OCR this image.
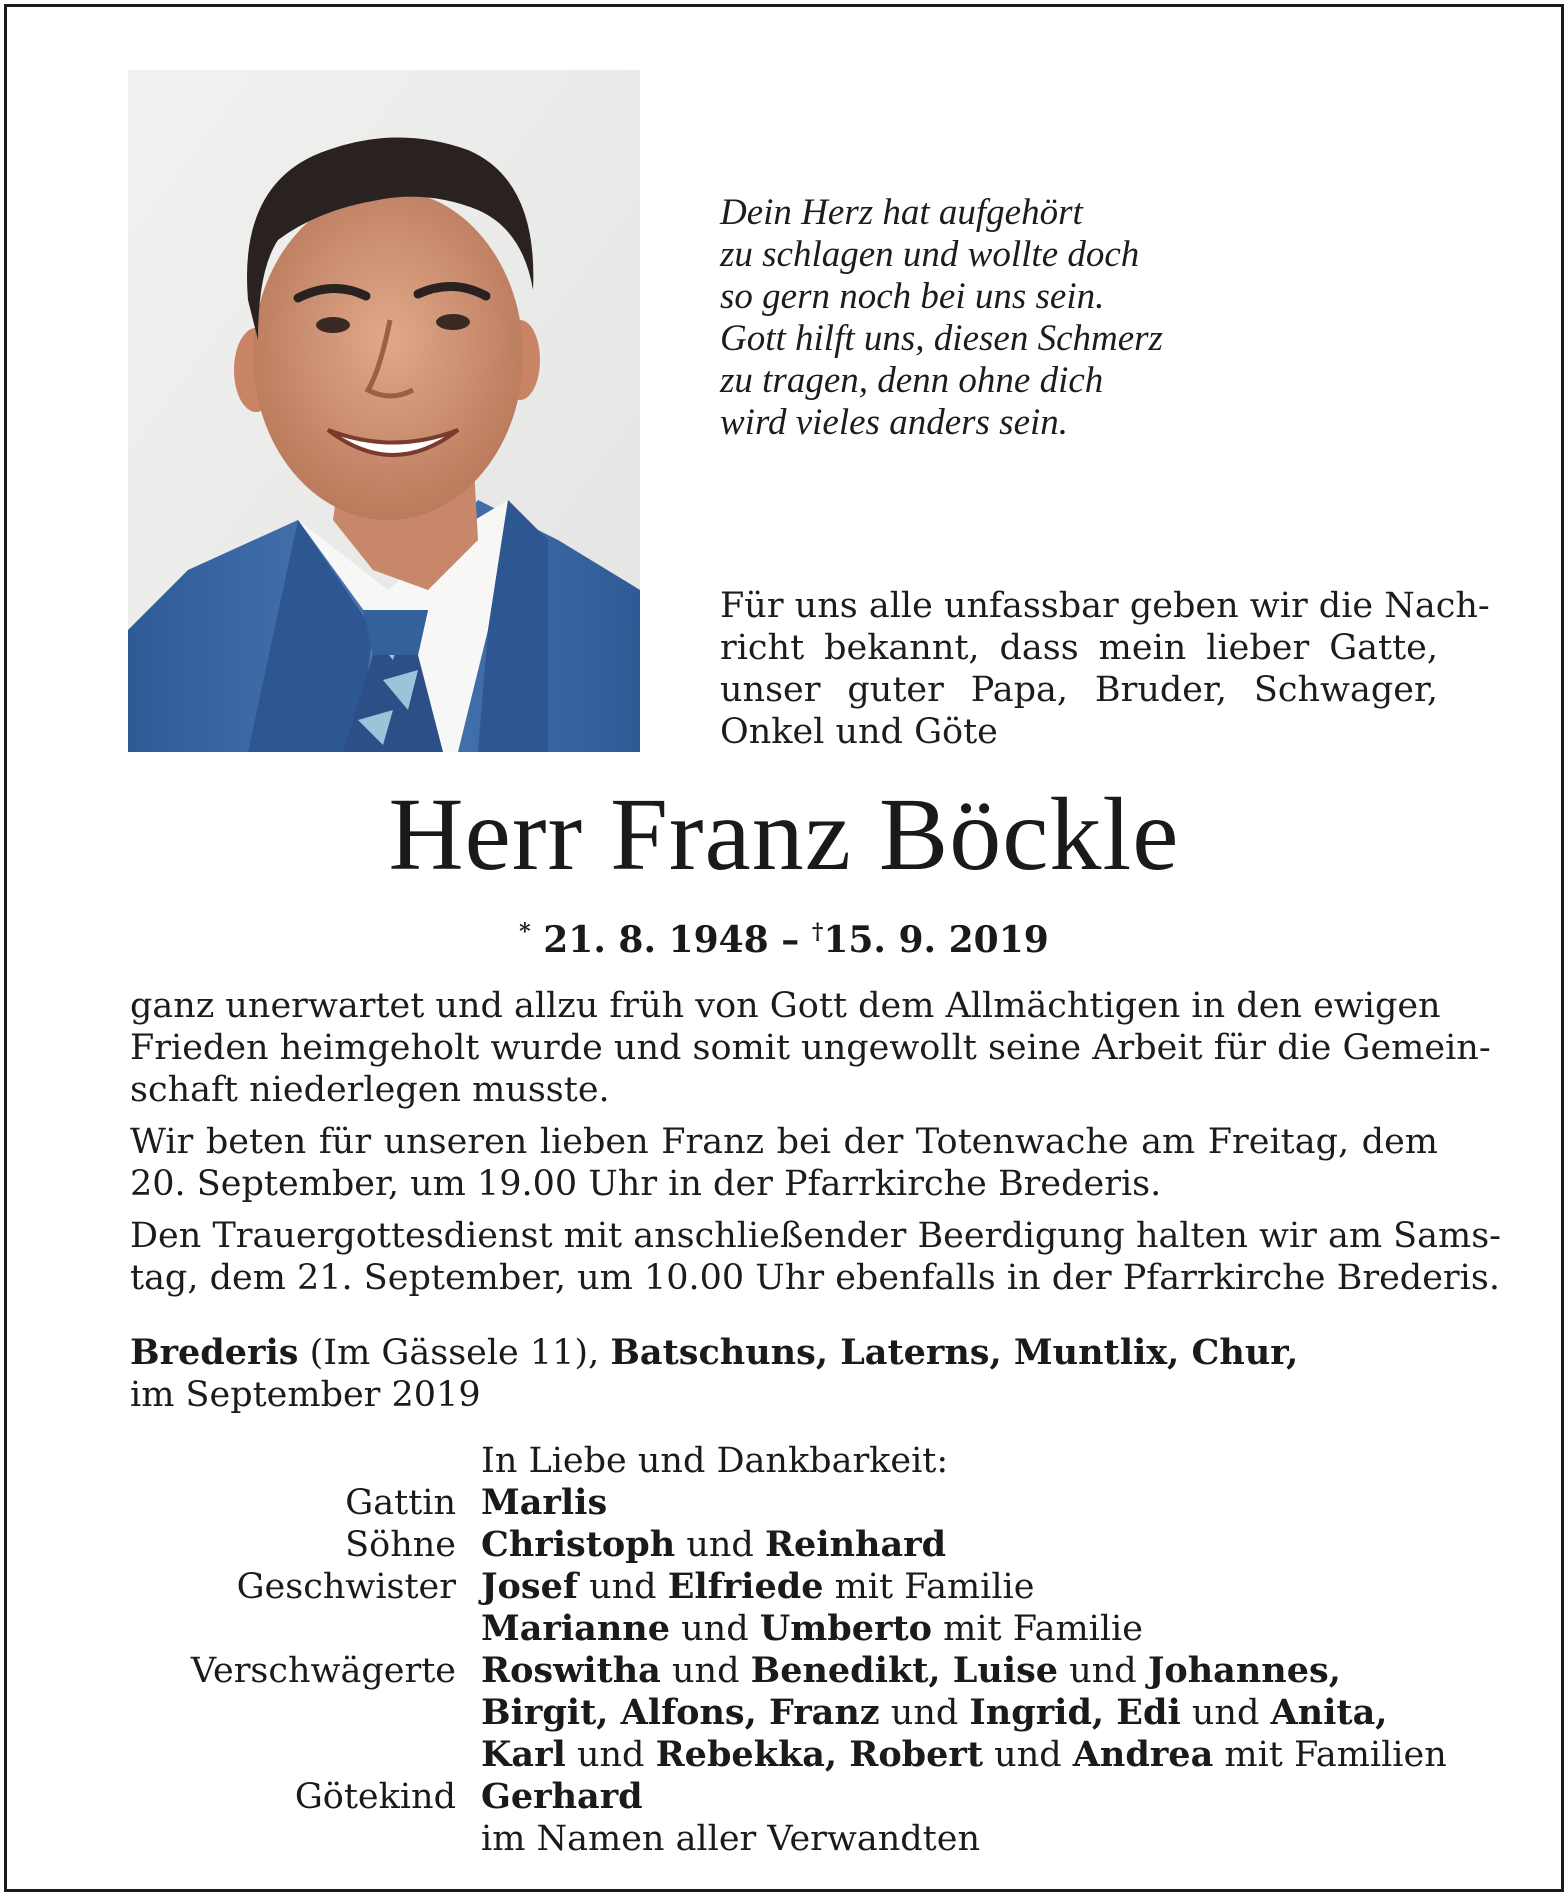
Dein Herz hat aufgehört
zu schlagen und wollte doch
so gern noch bei uns sein.
Gott hilft uns, diesen Schmerz
zu tragen, denn ohne dich
wird vieles anders sein.
Für uns alle unfassbar geben wir die Nach-
richt bekannt, dass mein lieber Gatte,
unser guter Papa, Bruder, Schwager,
Onkel und Göte
Herr Franz Böckle
* 21. 8. 1948 – †15. 9. 2019

ganz unerwartet und allzu früh von Gott dem Allmächtigen in den ewigen
Frieden heimgeholt wurde und somit ungewollt seine Arbeit für die Gemein-
schaft niederlegen musste.

Wir beten für unseren lieben Franz bei der Totenwache am Freitag, dem
20. September, um 19.00 Uhr in der Pfarrkirche Brederis.

Den Trauergottesdienst mit anschließender Beerdigung halten wir am Sams-
tag, dem 21. September, um 10.00 Uhr ebenfalls in der Pfarrkirche Brederis.

Brederis (Im Gässele 11), Batschuns, Laterns, Muntlix, Chur,
im September 2019
In Liebe und Dankbarkeit:
Gattin Marlis
Söhne Christoph und Reinhard
Geschwister Josef und Elfriede mit Familie
Marianne und Umberto mit Familie
Verschwägerte Roswitha und Benedikt, Luise und Johannes,
Birgit, Alfons, Franz und Ingrid, Edi und Anita,
Karl und Rebekka, Robert und Andrea mit Familien
Götekind Gerhard
im Namen aller Verwandten
